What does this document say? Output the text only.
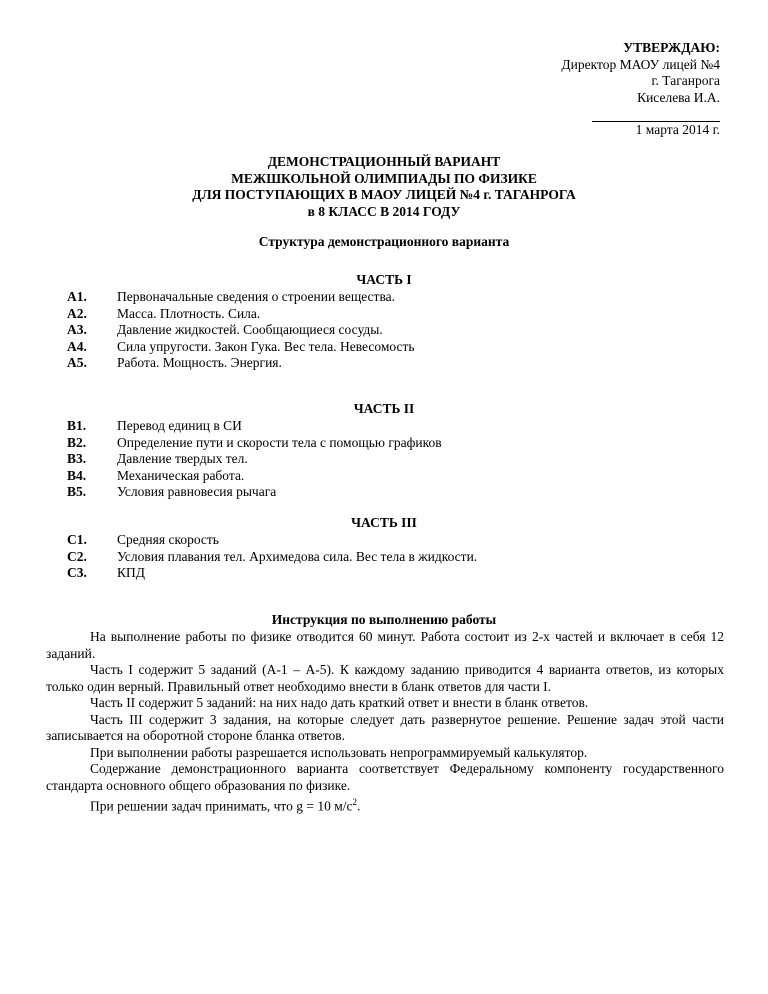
УТВЕРЖДАЮ:
Директор МАОУ лицей №4
г. Таганрога
Киселева И.А.
1 марта 2014 г.
ДЕМОНСТРАЦИОННЫЙ ВАРИАНТ
МЕЖШКОЛЬНОЙ ОЛИМПИАДЫ ПО ФИЗИКЕ
ДЛЯ ПОСТУПАЮЩИХ В МАОУ ЛИЦЕЙ №4 г. ТАГАНРОГА
в 8 КЛАСС В 2014 ГОДУ
Структура демонстрационного варианта
ЧАСТЬ I
А1.	Первоначальные сведения о строении вещества.
А2.	Масса. Плотность. Сила.
А3.	Давление жидкостей. Сообщающиеся сосуды.
А4.	Сила упругости. Закон Гука. Вес тела. Невесомость
А5.	Работа. Мощность. Энергия.
ЧАСТЬ II
В1.	Перевод единиц в СИ
В2.	Определение пути и скорости тела с помощью графиков
В3.	Давление твердых тел.
В4.	Механическая работа.
В5.	Условия равновесия рычага
ЧАСТЬ III
С1.	Средняя скорость
С2.	Условия плавания тел. Архимедова сила. Вес тела в жидкости.
С3.	КПД
Инструкция по выполнению работы

На выполнение работы по физике отводится 60 минут. Работа состоит из 2-х частей и включает в себя 12 заданий.

Часть I содержит 5 заданий (А-1 – А-5). К каждому заданию приводится 4 варианта ответов, из которых только один верный. Правильный ответ необходимо внести в бланк ответов для части I.

Часть II содержит 5 заданий: на них надо дать краткий ответ и внести в бланк ответов.

Часть III содержит 3 задания, на которые следует дать развернутое решение. Решение задач этой части записывается на оборотной стороне бланка ответов.

При выполнении работы разрешается использовать непрограммируемый калькулятор.

Содержание демонстрационного варианта соответствует Федеральному компоненту государственного стандарта основного общего образования по физике.

При решении задач принимать, что g = 10 $м/с^2$.
